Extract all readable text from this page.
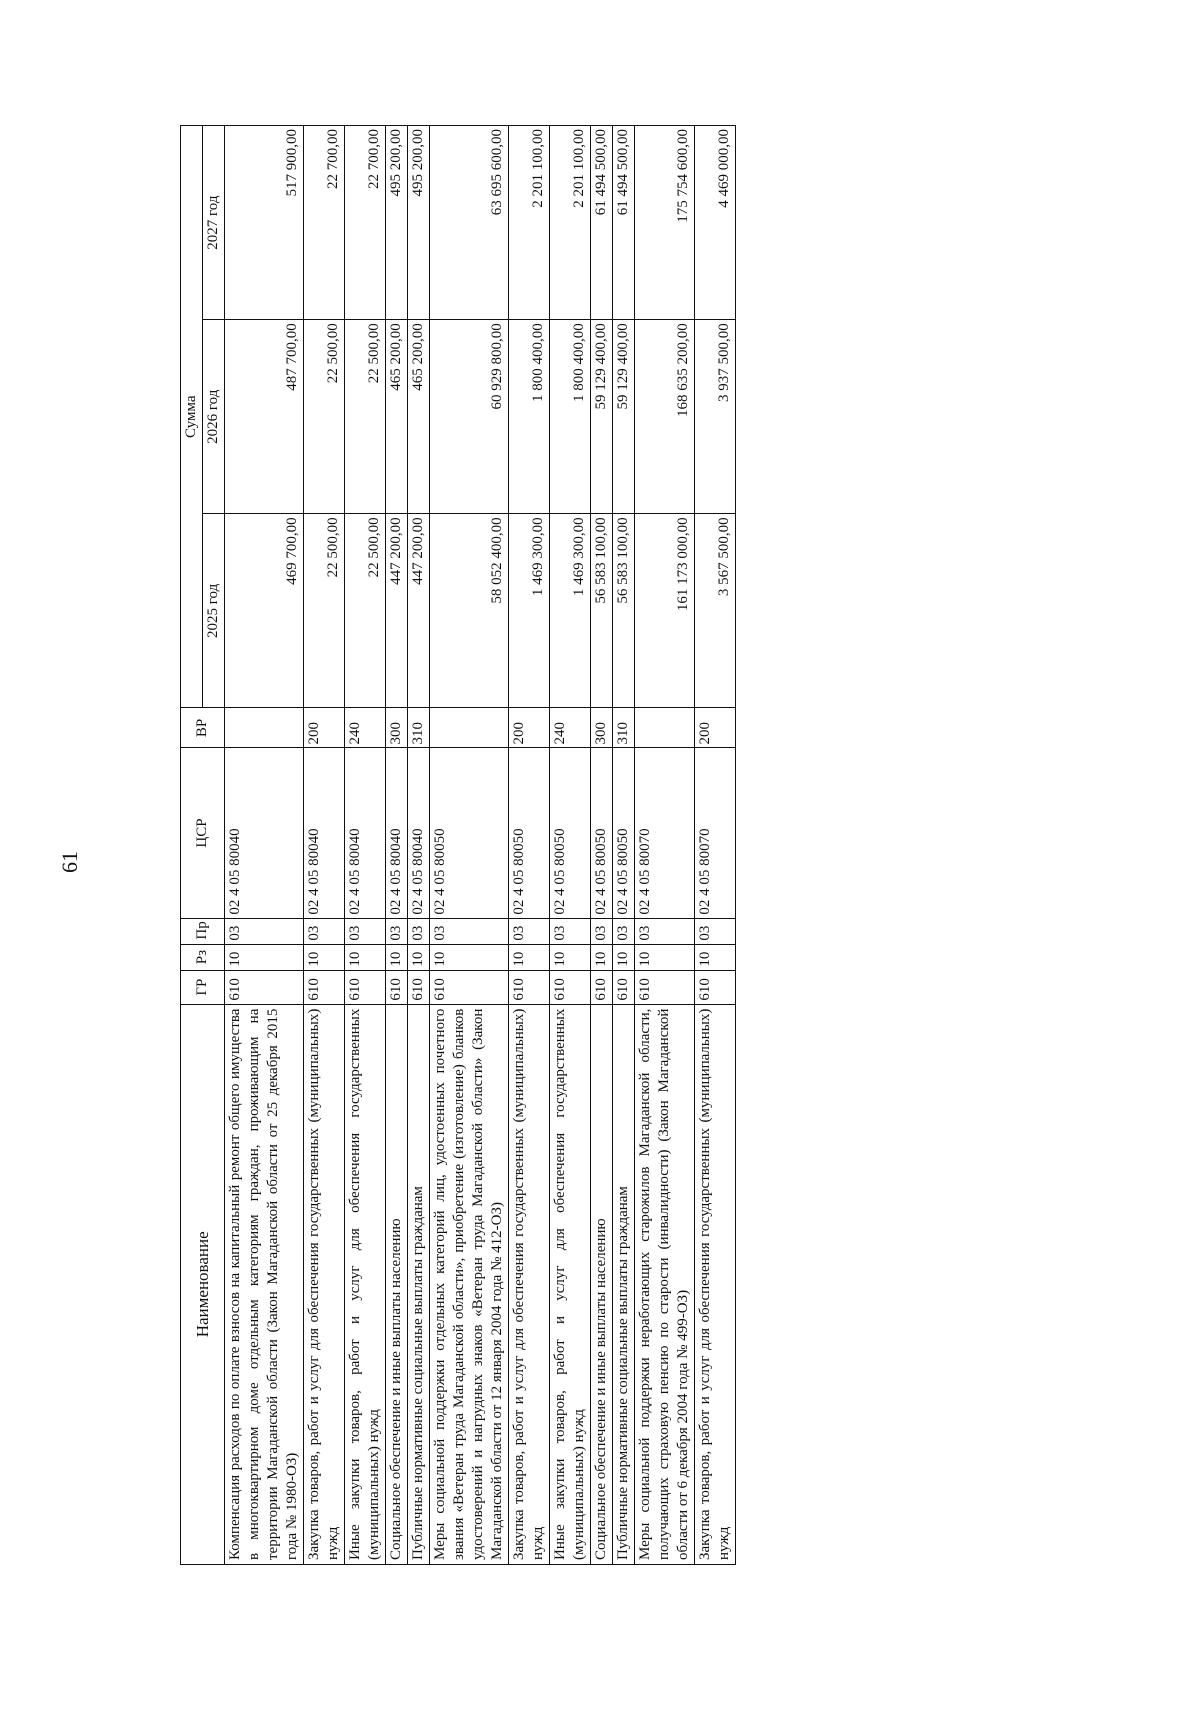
61
Наименование	ГР	Рз	Пр	ЦСР	ВР	Сумма		
						2025 год	2026 год	2027 год
Компенсация расходов по оплате взносов на капитальный ремонт общего имущества в многоквартирном доме отдельным категориям граждан, проживающим на территории Магаданской области (Закон Магаданской области от 25 декабря 2015 года № 1980-ОЗ)	610	10	03	02 4 05 80040		469 700,00	487 700,00	517 900,00
Закупка товаров, работ и услуг для обеспечения государственных (муниципальных) нужд	610	10	03	02 4 05 80040	200	22 500,00	22 500,00	22 700,00
Иные закупки товаров, работ и услуг для обеспечения государственных (муниципальных) нужд	610	10	03	02 4 05 80040	240	22 500,00	22 500,00	22 700,00
Социальное обеспечение и иные выплаты населению	610	10	03	02 4 05 80040	300	447 200,00	465 200,00	495 200,00
Публичные нормативные социальные выплаты гражданам	610	10	03	02 4 05 80040	310	447 200,00	465 200,00	495 200,00
Меры социальной поддержки отдельных категорий лиц, удостоенных почетного звания «Ветеран труда Магаданской области», приобретение (изготовление) бланков удостоверений и нагрудных знаков «Ветеран труда Магаданской области» (Закон Магаданской области от 12 января 2004 года № 412-ОЗ)	610	10	03	02 4 05 80050		58 052 400,00	60 929 800,00	63 695 600,00
Закупка товаров, работ и услуг для обеспечения государственных (муниципальных) нужд	610	10	03	02 4 05 80050	200	1 469 300,00	1 800 400,00	2 201 100,00
Иные закупки товаров, работ и услуг для обеспечения государственных (муниципальных) нужд	610	10	03	02 4 05 80050	240	1 469 300,00	1 800 400,00	2 201 100,00
Социальное обеспечение и иные выплаты населению	610	10	03	02 4 05 80050	300	56 583 100,00	59 129 400,00	61 494 500,00
Публичные нормативные социальные выплаты гражданам	610	10	03	02 4 05 80050	310	56 583 100,00	59 129 400,00	61 494 500,00
Меры социальной поддержки неработающих старожилов Магаданской области, получающих страховую пенсию по старости (инвалидности) (Закон Магаданской области от 6 декабря 2004 года № 499-ОЗ)	610	10	03	02 4 05 80070		161 173 000,00	168 635 200,00	175 754 600,00
Закупка товаров, работ и услуг для обеспечения государственных (муниципальных) нужд	610	10	03	02 4 05 80070	200	3 567 500,00	3 937 500,00	4 469 000,00
